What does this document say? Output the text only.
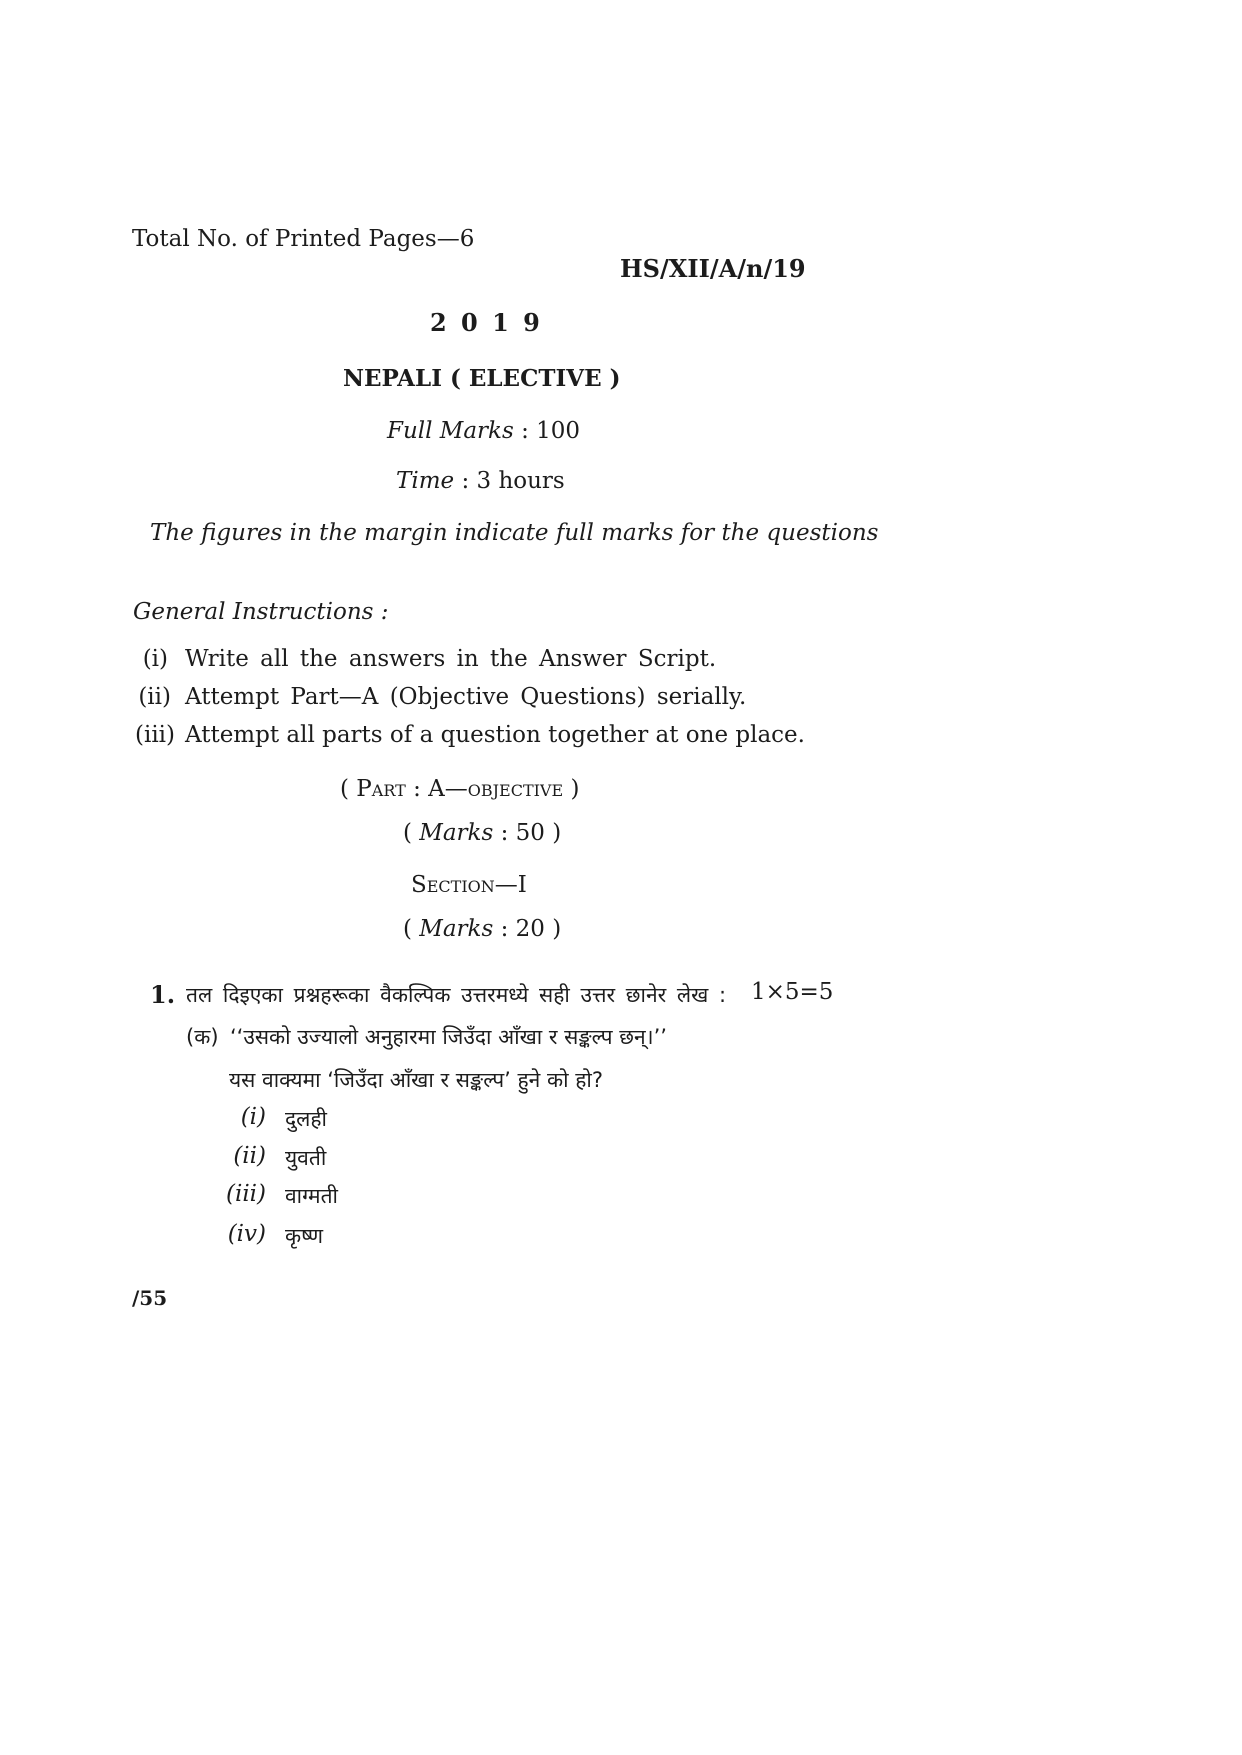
Total No. of Printed Pages—6
HS/XII/A/n/19
2 0 1 9
NEPALI ( ELECTIVE )
Full Marks : 100
Time : 3 hours
The figures in the margin indicate full marks for the questions
General Instructions :
(i) Write all the answers in the Answer Script.
(ii) Attempt Part—A (Objective Questions) serially.
(iii) Attempt all parts of a question together at one place.
( Part : A—objective )
( Marks : 50 )
Section—I
( Marks : 20 )
1. तल दिइएका प्रश्नहरूका वैकल्पिक उत्तरमध्ये सही उत्तर छानेर लेख : 1×5=5
(क) ‘‘उसको उज्यालो अनुहारमा जिउँदा आँखा र सङ्कल्प छन्।’’
यस वाक्यमा ‘जिउँदा आँखा र सङ्कल्प’ हुने को हो?
(i) दुलही
(ii) युवती
(iii) वाग्मती
(iv) कृष्ण
/55
